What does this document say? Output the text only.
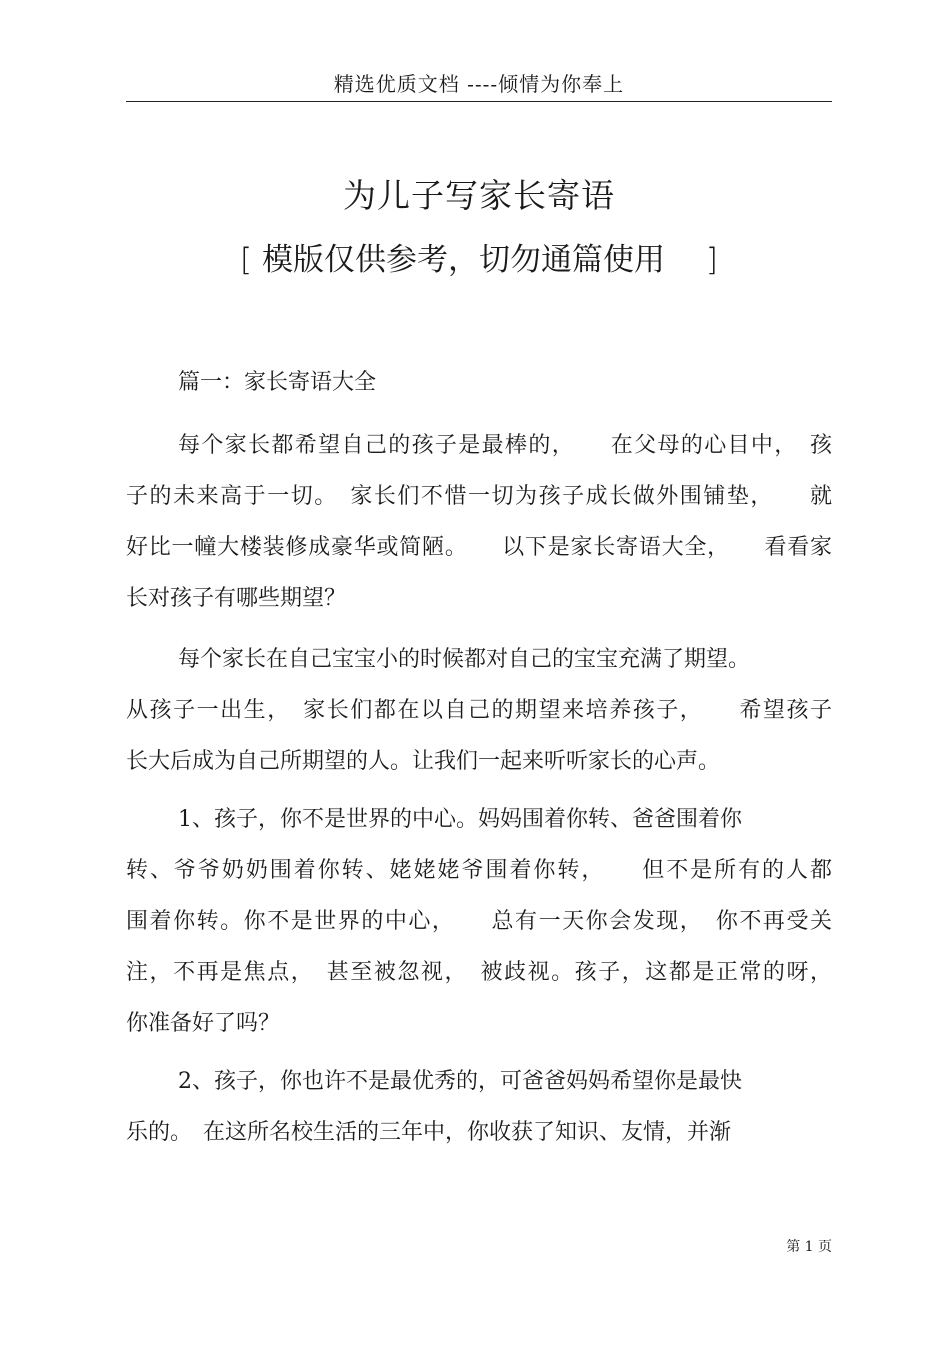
精选优质文档 ----倾情为你奉上
为儿子写家长寄语
[ 模版仅供参考，切勿通篇使用 　]
篇一：家长寄语大全
每个家长都希望自己的孩子是最棒的，　　在父母的心目中，　孩
子的未来高于一切。　家长们不惜一切为孩子成长做外围铺垫，　　就
好比一幢大楼装修成豪华或简陋。　　以下是家长寄语大全，　　看看家
长对孩子有哪些期望？
每个家长在自己宝宝小的时候都对自己的宝宝充满了期望。
从孩子一出生，　家长们都在以自己的期望来培养孩子，　　希望孩子
长大后成为自己所期望的人。让我们一起来听听家长的心声。
1、孩子，你不是世界的中心。妈妈围着你转、爸爸围着你
转、爷爷奶奶围着你转、姥姥姥爷围着你转，　　但不是所有的人都
围着你转。你不是世界的中心，　　总有一天你会发现，　你不再受关
注，不再是焦点，　甚至被忽视，　被歧视。孩子，这都是正常的呀，
你准备好了吗？
2、孩子，你也许不是最优秀的，可爸爸妈妈希望你是最快
乐的。　在这所名校生活的三年中，你收获了知识、友情，并渐
第 1 页
